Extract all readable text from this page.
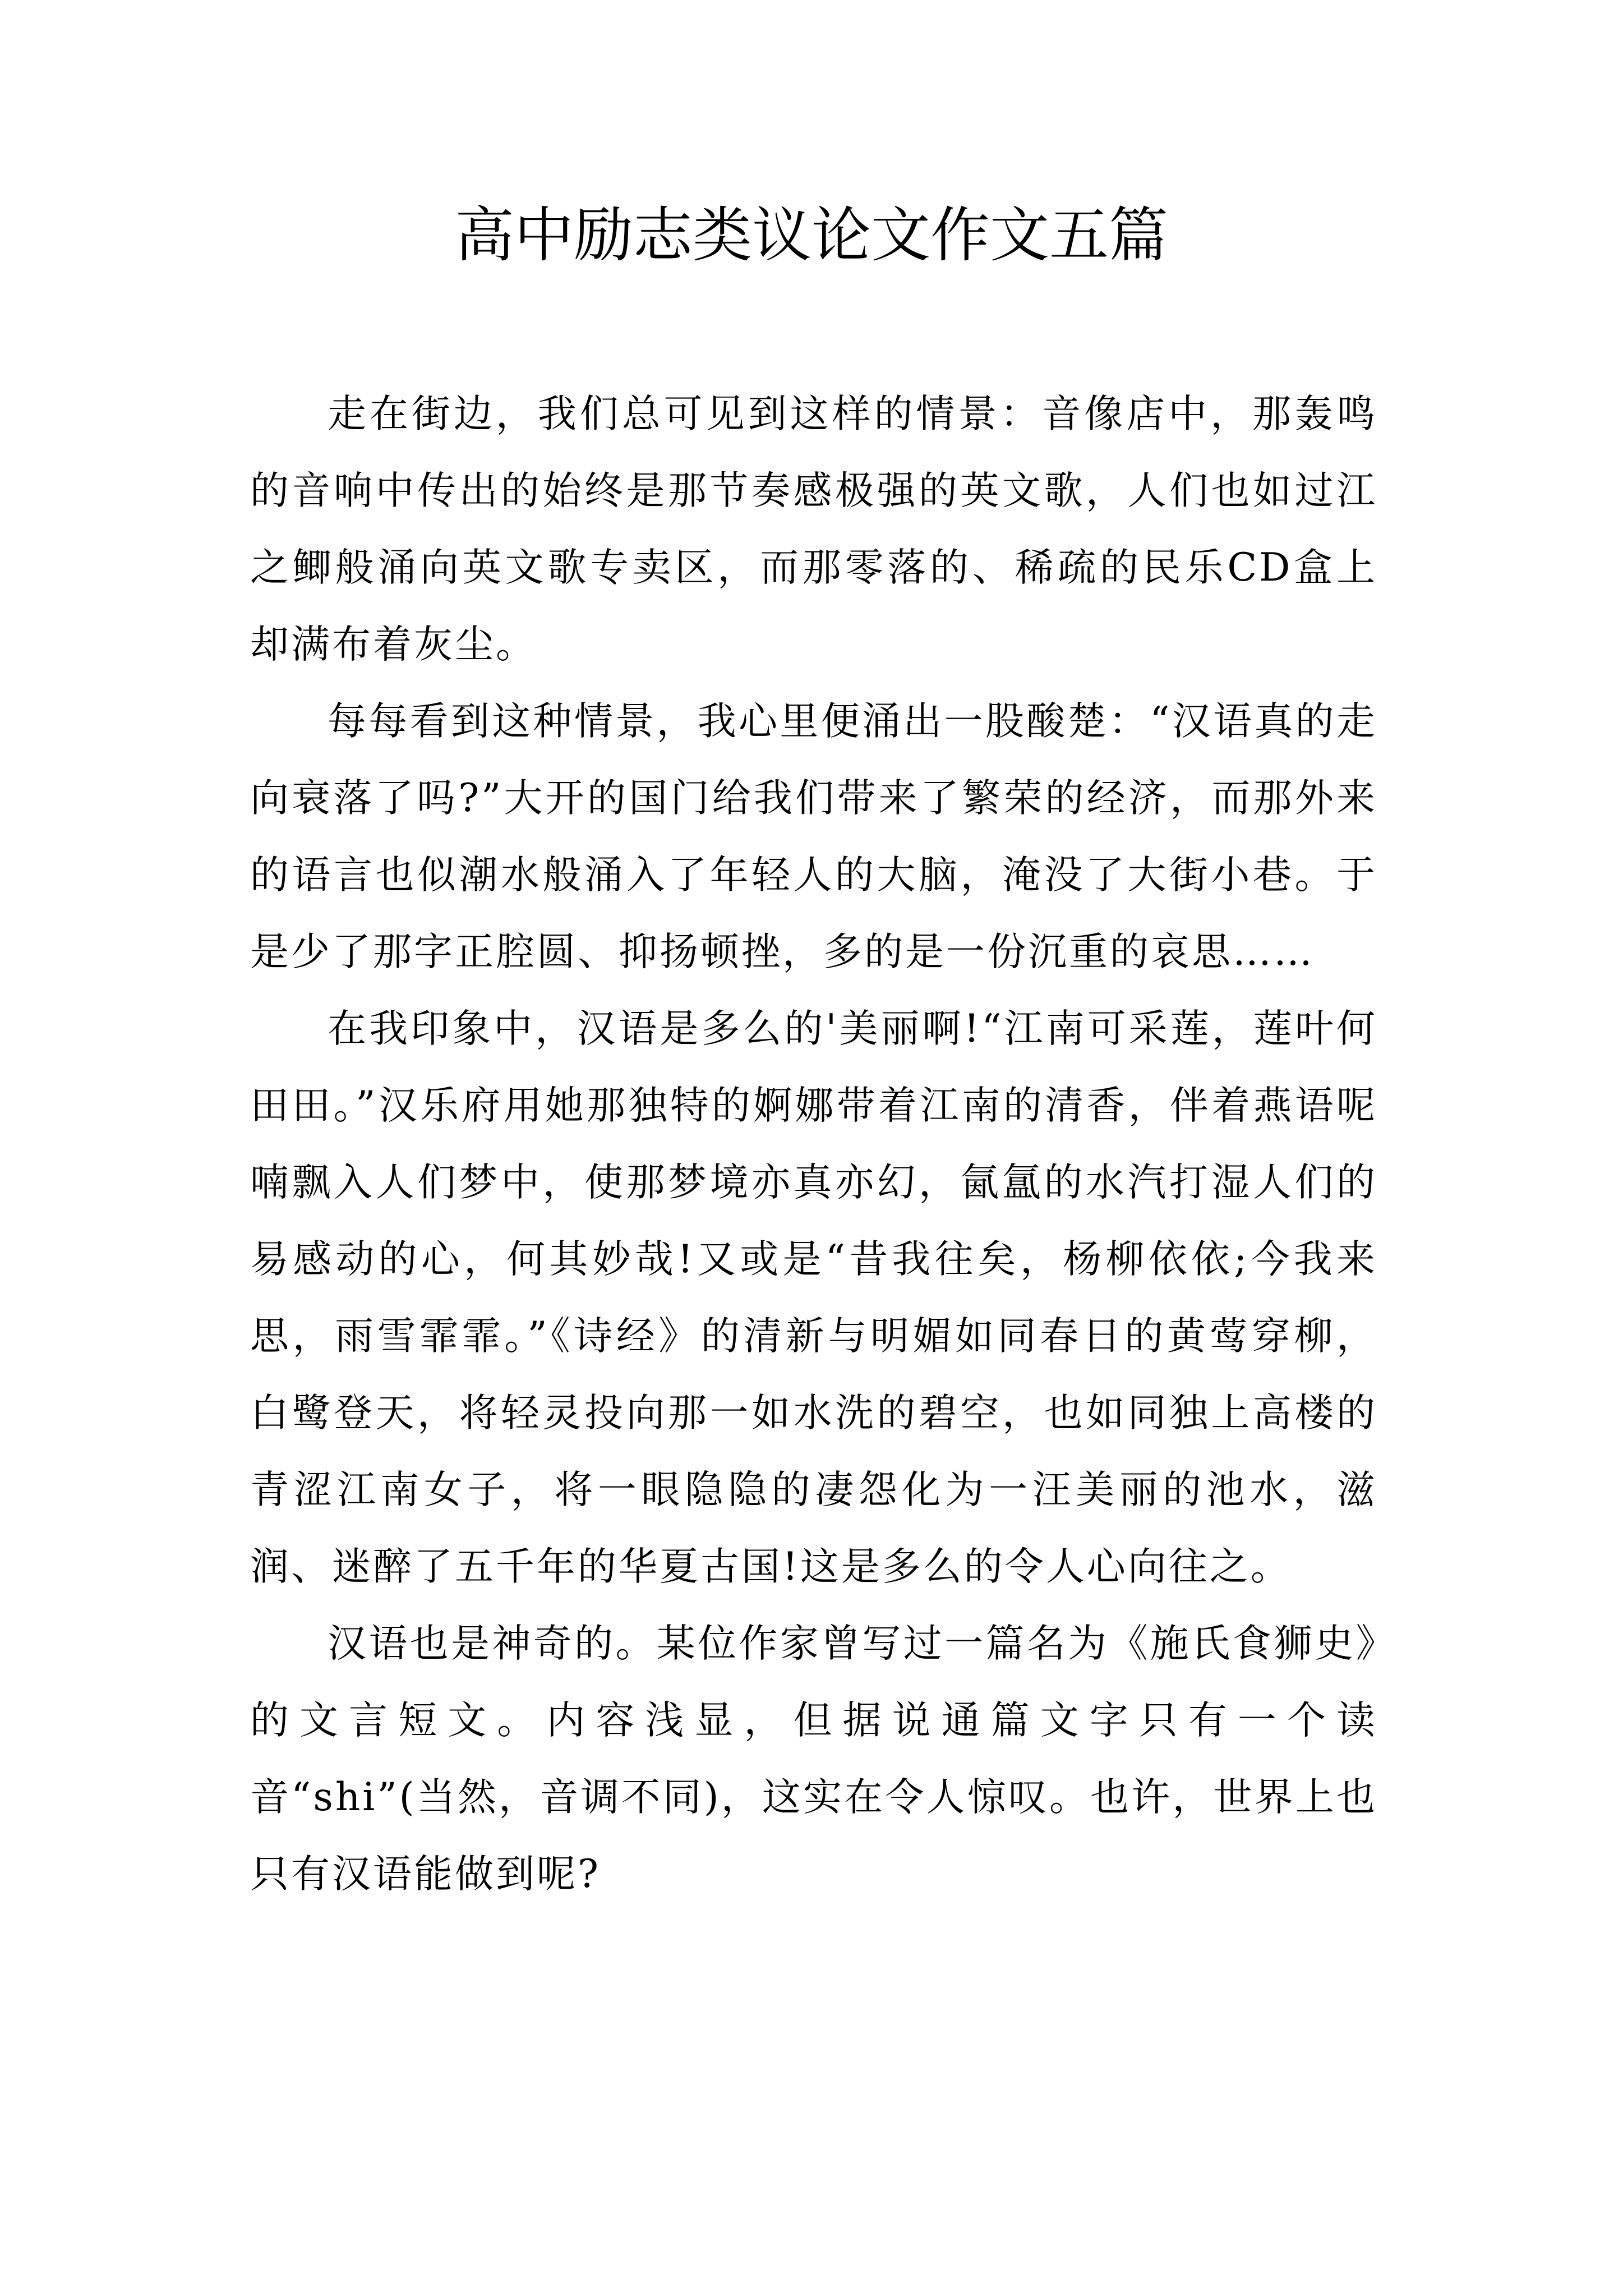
高中励志类议论文作文五篇

走在街边，我们总可见到这样的情景：音像店中，那轰鸣的音响中传出的始终是那节奏感极强的英文歌，人们也如过江之鲫般涌向英文歌专卖区，而那零落的、稀疏的民乐CD盒上却满布着灰尘。

每每看到这种情景，我心里便涌出一股酸楚：“汉语真的走向衰落了吗?”大开的国门给我们带来了繁荣的经济，而那外来的语言也似潮水般涌入了年轻人的大脑，淹没了大街小巷。于是少了那字正腔圆、抑扬顿挫，多的是一份沉重的哀思……

在我印象中，汉语是多么的'美丽啊!“江南可采莲，莲叶何田田。”汉乐府用她那独特的婀娜带着江南的清香，伴着燕语呢喃飘入人们梦中，使那梦境亦真亦幻，氤氲的水汽打湿人们的易感动的心，何其妙哉!又或是“昔我往矣，杨柳依依;今我来思，雨雪霏霏。”《诗经》的清新与明媚如同春日的黄莺穿柳，白鹭登天，将轻灵投向那一如水洗的碧空，也如同独上高楼的青涩江南女子，将一眼隐隐的凄怨化为一汪美丽的池水，滋润、迷醉了五千年的华夏古国!这是多么的令人心向往之。

汉语也是神奇的。某位作家曾写过一篇名为《施氏食狮史》的文言短文。内容浅显，但据说通篇文字只有一个读音“shi”(当然，音调不同)，这实在令人惊叹。也许，世界上也只有汉语能做到呢?
